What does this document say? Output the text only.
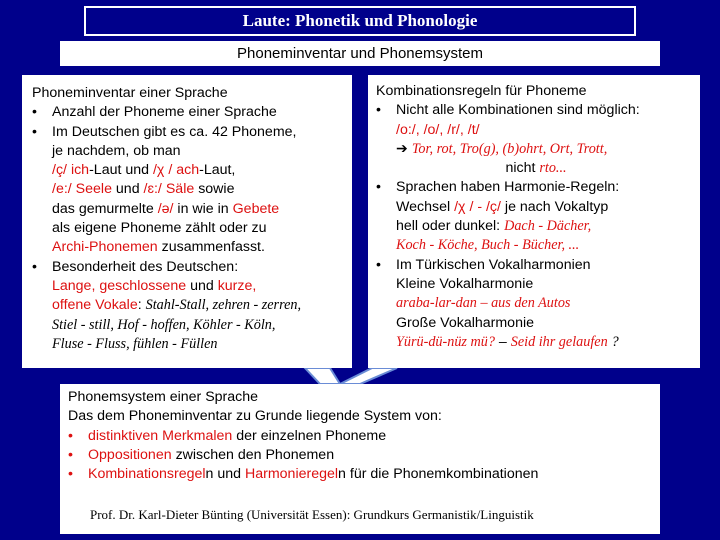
Laute: Phonetik und Phonologie
Phoneminventar und Phonemsystem
Phoneminventar einer Sprache
• Anzahl der Phoneme einer Sprache
• Im Deutschen gibt es ca. 42 Phoneme,
je nachdem, ob man
/ç/ ich-Laut und /χ / ach-Laut,
/e:/ Seele und /ɛ:/ Säle sowie
das gemurmelte /ə/ in wie in Gebete
als eigene Phoneme zählt oder zu
Archi-Phonemen zusammenfasst.
• Besonderheit des Deutschen:
Lange, geschlossene und kurze,
offene Vokale: Stahl-Stall, zehren - zerren,
Stiel - still, Hof - hoffen, Köhler - Köln,
Fluse - Fluss, fühlen - Füllen
Kombinationsregeln für Phoneme
• Nicht alle Kombinationen sind möglich:
/o:/, /o/, /r/, /t/
➔ Tor, rot, Tro(g), (b)ohrt, Ort, Trott,
nicht rto...
• Sprachen haben Harmonie-Regeln:
Wechsel /χ / - /ç/ je nach Vokaltyp
hell oder dunkel: Dach - Dächer,
Koch - Köche, Buch - Bücher, ...
• Im Türkischen Vokalharmonien
Kleine Vokalharmonie
araba-lar-dan – aus den Autos
Große Vokalharmonie
Yürü-dü-nüz mü? – Seid ihr gelaufen ?
Phonemsystem einer Sprache
Das dem Phoneminventar zu Grunde liegende System von:
• distinktiven Merkmalen der einzelnen Phoneme
• Oppositionen zwischen den Phonemen
• Kombinationsregeln und Harmonieregeln für die Phonemkombinationen
Prof. Dr. Karl-Dieter Bünting (Universität Essen): Grundkurs Germanistik/Linguistik	18
